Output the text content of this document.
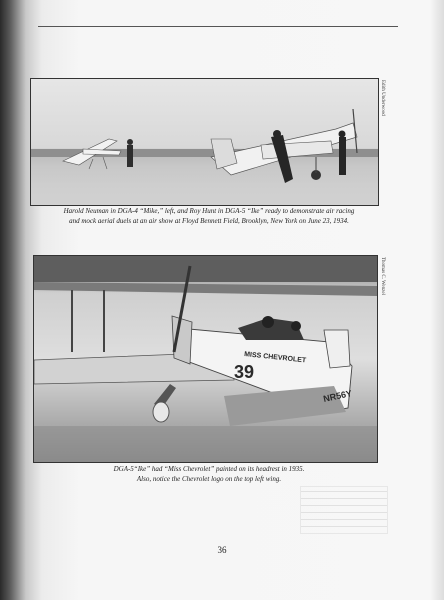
Edith Underwood
Harold Neuman in DGA-4 “Mike,” left, and Roy Hunt in DGA-5 “Ike” ready to demonstrate air racing
and mock aerial duels at an air show at Floyd Bennett Field, Brooklyn, New York on June 23, 1934.
39
NR56Y
MISS CHEVROLET
Thomas C. Wenzel
DGA-5“Ike” had “Miss Chevrolet” painted on its headrest in 1935.
Also, notice the Chevrolet logo on the top left wing.
36
